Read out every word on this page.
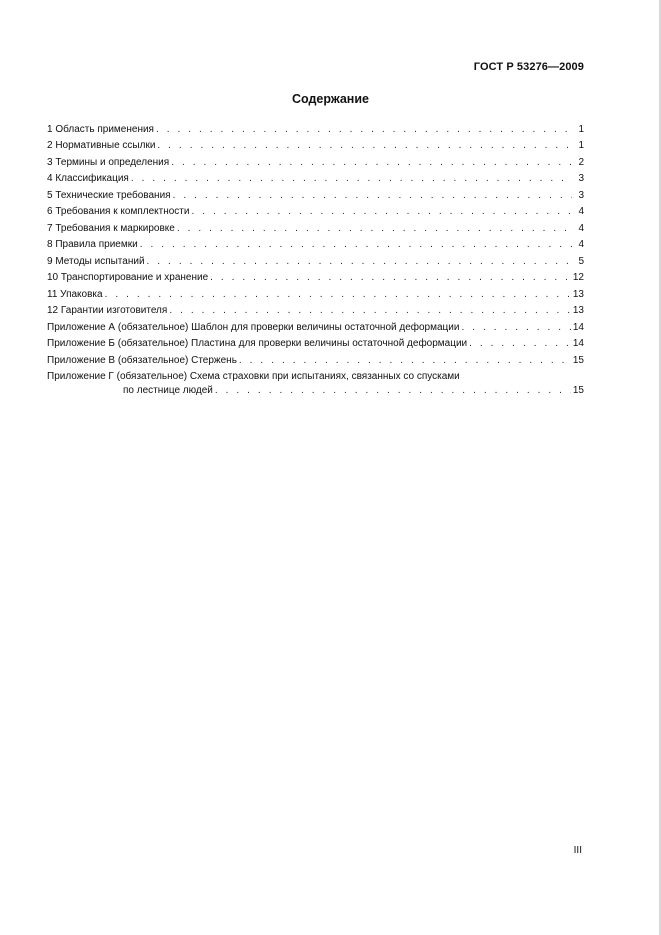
ГОСТ Р 53276—2009
Содержание
1 Область применения . . .	1
2 Нормативные ссылки . . .	1
3 Термины и определения . . .	2
4 Классификация . . .	3
5 Технические требования . . .	3
6 Требования к комплектности . . .	4
7 Требования к маркировке . . .	4
8 Правила приемки . . .	4
9 Методы испытаний . . .	5
10 Транспортирование и хранение . . .	12
11 Упаковка . . .	13
12 Гарантии изготовителя . . .	13
Приложение А (обязательное) Шаблон для проверки величины остаточной деформации . . .	14
Приложение Б (обязательное) Пластина для проверки величины остаточной деформации . . .	14
Приложение В (обязательное) Стержень . . .	15
Приложение Г (обязательное) Схема страховки при испытаниях, связанных со спусками
по лестнице людей . . .	15
III
